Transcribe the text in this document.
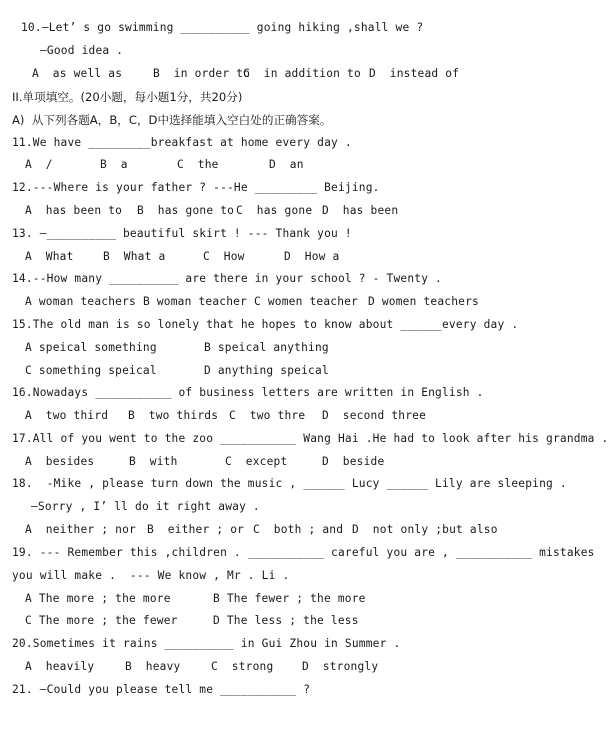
10.—Let’ s go swimming __________ going hiking ,shall we ?
—Good idea .
A  as well as	B  in order to
C  in addition to D  instead of
II.单项填空。(20小题，每小题1分，共20分)
A)  从下列各题A，B，C，D中选择能填入空白处的正确答案。
11.We have _________breakfast at home every day .
A  /	B  a	C  the	D  an
12.---Where is your father ? ---He _________ Beijing.
A  has been to B  has gone to C  has gone D  has been
13. —__________ beautiful skirt ! --- Thank you !
A  What	B  What a	C  How	D  How a
14.--How many __________ are there in your school ? - Twenty .
A woman teachers B woman teacher C women teacher D women teachers
15.The old man is so lonely that he hopes to know about ______every day .
A speical something	B speical anything
C something speical	D anything speical
16.Nowadays ___________ of business letters are written in English .
A  two third B  two thirds C  two thre D  second three
17.All of you went to the zoo ___________ Wang Hai .He had to look after his grandma .
A  besides	B  with	C  except	D  beside
18.  -Mike , please turn down the music , ______ Lucy ______ Lily are sleeping .
—Sorry , I’ ll do it right away .
A  neither ; nor B  either ; or C  both ; and D  not only ;but also
19. --- Remember this ,children . ___________ careful you are , ___________ mistakes
you will make .  --- We know , Mr . Li .
A The more ; the more	B The fewer ; the more
C The more ; the fewer	D The less ; the less
20.Sometimes it rains __________ in Gui Zhou in Summer .
A  heavily	B  heavy	C  strong	D  strongly
21. —Could you please tell me ___________ ?
